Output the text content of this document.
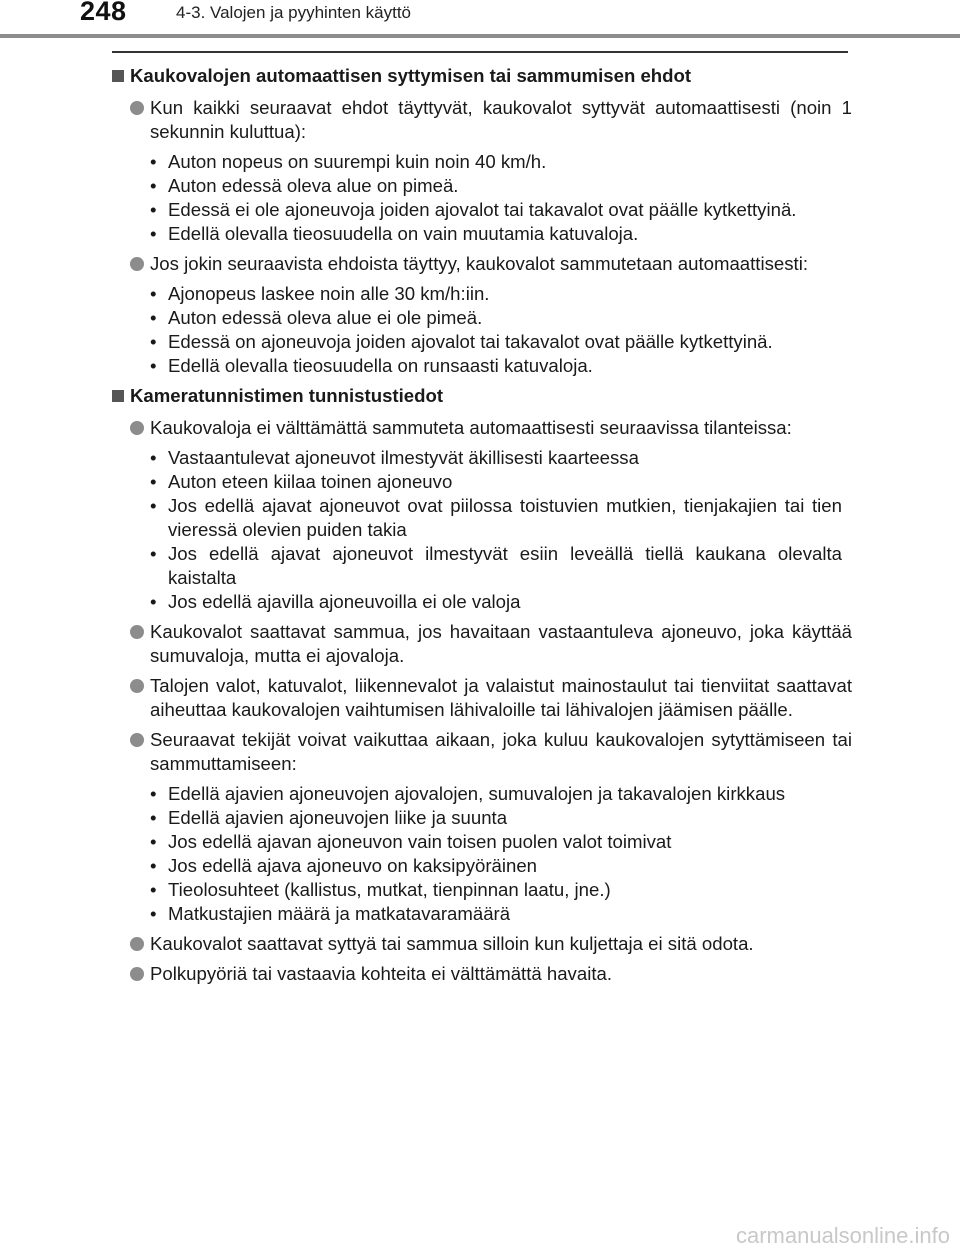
248	4-3. Valojen ja pyyhinten käyttö
Kaukovalojen automaattisen syttymisen tai sammumisen ehdot
Kun kaikki seuraavat ehdot täyttyvät, kaukovalot syttyvät automaattisesti (noin 1 sekunnin kuluttua):
• Auton nopeus on suurempi kuin noin 40 km/h.
• Auton edessä oleva alue on pimeä.
• Edessä ei ole ajoneuvoja joiden ajovalot tai takavalot ovat päälle kytkettyinä.
• Edellä olevalla tieosuudella on vain muutamia katuvaloja.
Jos jokin seuraavista ehdoista täyttyy, kaukovalot sammutetaan automaattisesti:
• Ajonopeus laskee noin alle 30 km/h:iin.
• Auton edessä oleva alue ei ole pimeä.
• Edessä on ajoneuvoja joiden ajovalot tai takavalot ovat päälle kytkettyinä.
• Edellä olevalla tieosuudella on runsaasti katuvaloja.
Kameratunnistimen tunnistustiedot
Kaukovaloja ei välttämättä sammuteta automaattisesti seuraavissa tilanteissa:
• Vastaantulevat ajoneuvot ilmestyvät äkillisesti kaarteessa
• Auton eteen kiilaa toinen ajoneuvo
• Jos edellä ajavat ajoneuvot ovat piilossa toistuvien mutkien, tienjakajien tai tien vieressä olevien puiden takia
• Jos edellä ajavat ajoneuvot ilmestyvät esiin leveällä tiellä kaukana olevalta kaistalta
• Jos edellä ajavilla ajoneuvoilla ei ole valoja
Kaukovalot saattavat sammua, jos havaitaan vastaantuleva ajoneuvo, joka käyttää sumuvaloja, mutta ei ajovaloja.
Talojen valot, katuvalot, liikennevalot ja valaistut mainostaulut tai tienviitat saattavat aiheuttaa kaukovalojen vaihtumisen lähivaloille tai lähivalojen jäämisen päälle.
Seuraavat tekijät voivat vaikuttaa aikaan, joka kuluu kaukovalojen sytyttämiseen tai sammuttamiseen:
• Edellä ajavien ajoneuvojen ajovalojen, sumuvalojen ja takavalojen kirkkaus
• Edellä ajavien ajoneuvojen liike ja suunta
• Jos edellä ajavan ajoneuvon vain toisen puolen valot toimivat
• Jos edellä ajava ajoneuvo on kaksipyöräinen
• Tieolosuhteet (kallistus, mutkat, tienpinnan laatu, jne.)
• Matkustajien määrä ja matkatavaramäärä
Kaukovalot saattavat syttyä tai sammua silloin kun kuljettaja ei sitä odota.
Polkupyöriä tai vastaavia kohteita ei välttämättä havaita.
carmanualsonline.info
